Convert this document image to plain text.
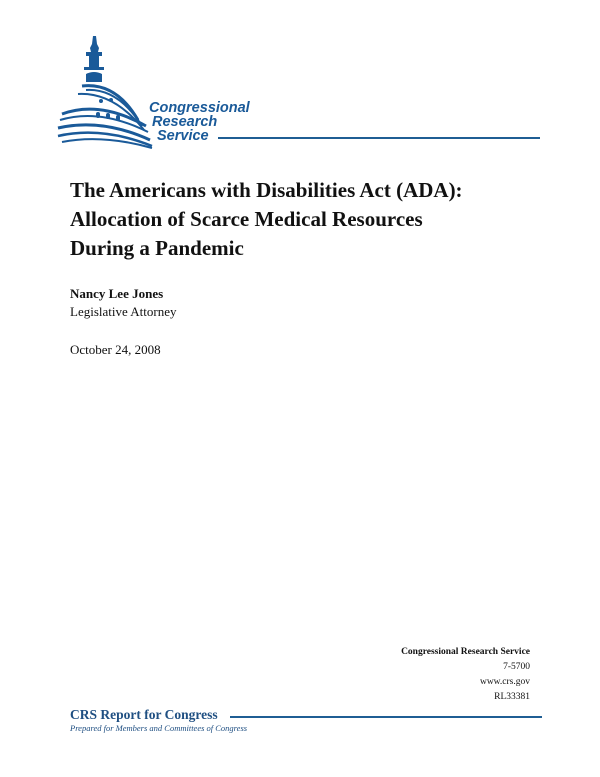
Congressional
Research
Service
The Americans with Disabilities Act (ADA):
Allocation of Scarce Medical Resources
During a Pandemic
Nancy Lee Jones
Legislative Attorney
October 24, 2008
Congressional Research Service
7-5700
www.crs.gov
RL33381
CRS Report for Congress
Prepared for Members and Committees of Congress
